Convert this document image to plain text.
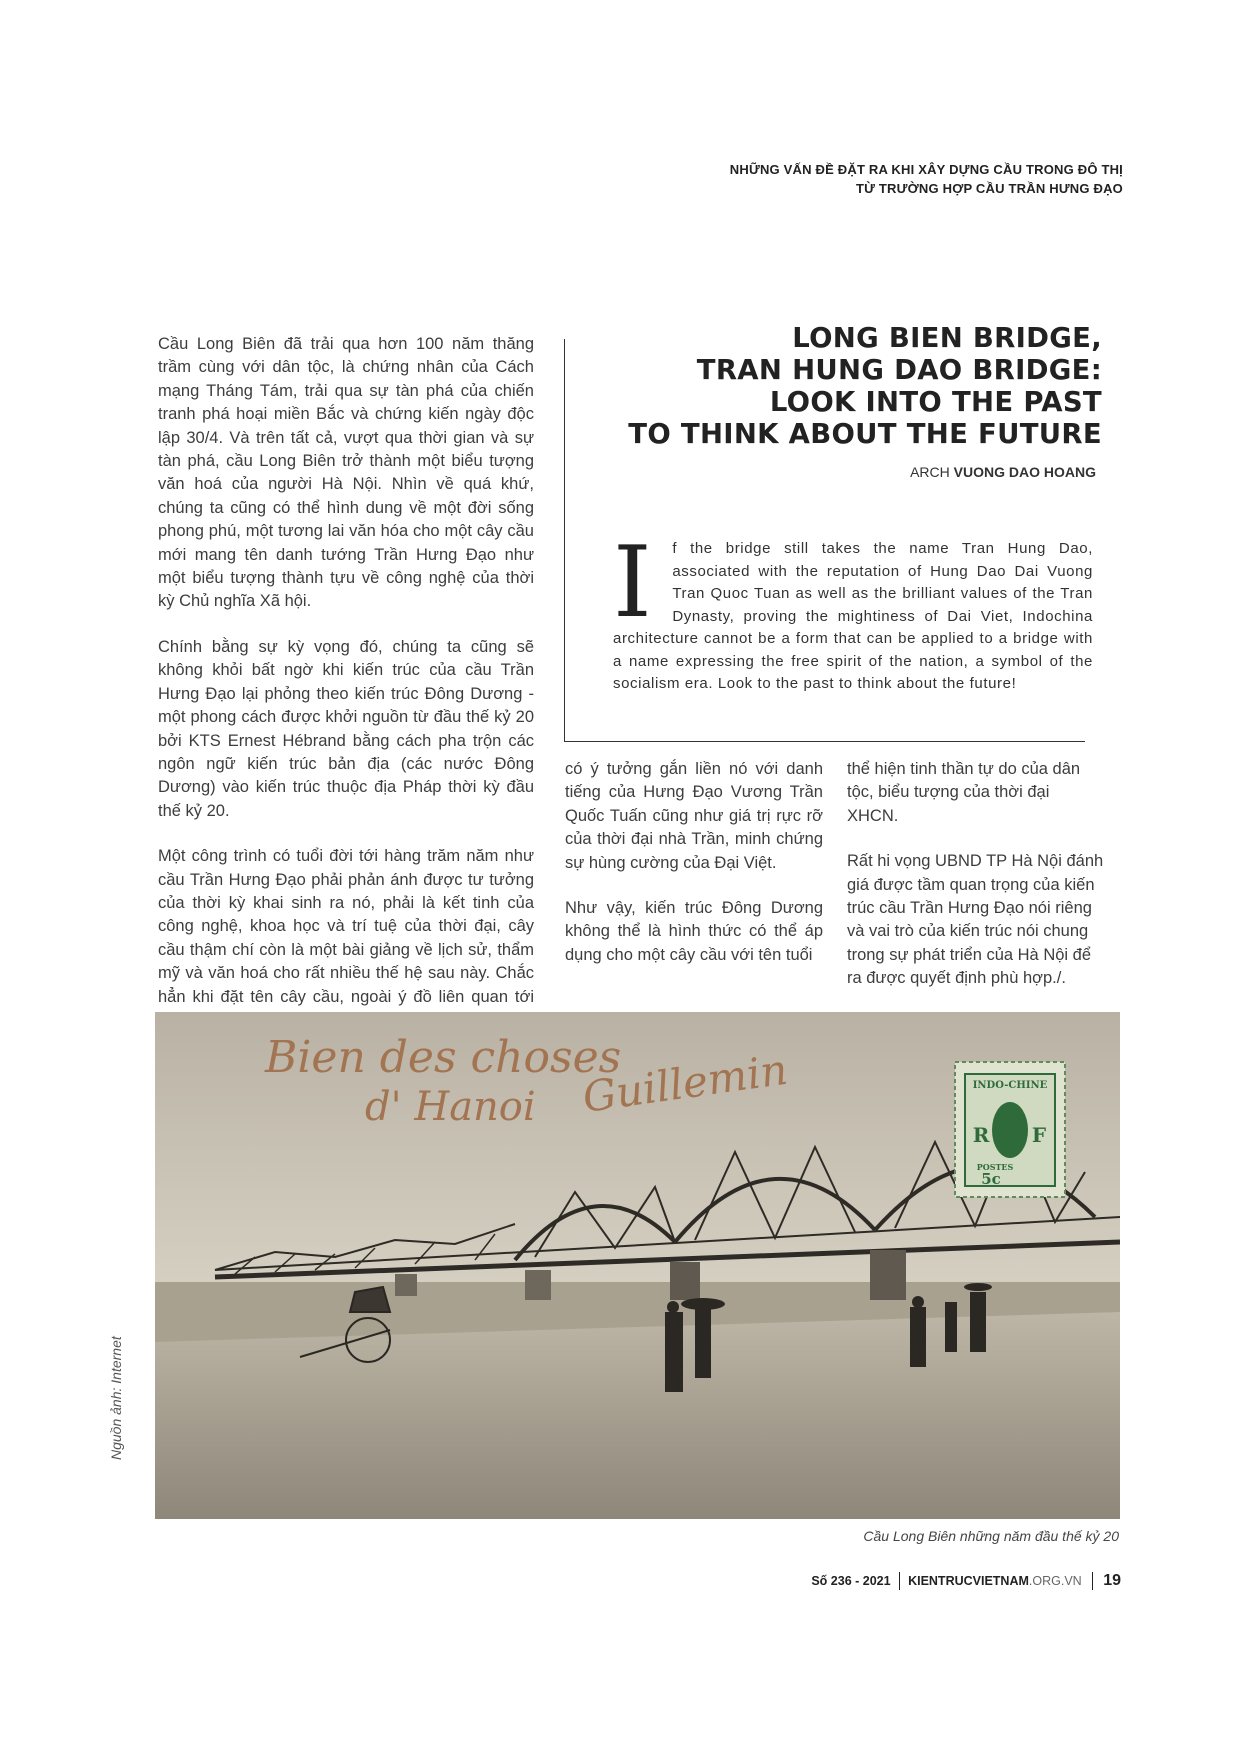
NHỮNG VẤN ĐỀ ĐẶT RA KHI XÂY DỰNG CẦU TRONG ĐÔ THỊ
TỪ TRƯỜNG HỢP CẦU TRẦN HƯNG ĐẠO

Cầu Long Biên đã trải qua hơn 100 năm thăng trầm cùng với dân tộc, là chứng nhân của Cách mạng Tháng Tám, trải qua sự tàn phá của chiến tranh phá hoại miền Bắc và chứng kiến ngày độc lập 30/4. Và trên tất cả, vượt qua thời gian và sự tàn phá, cầu Long Biên trở thành một biểu tượng văn hoá của người Hà Nội. Nhìn về quá khứ, chúng ta cũng có thể hình dung về một đời sống phong phú, một tương lai văn hóa cho một cây cầu mới mang tên danh tướng Trần Hưng Đạo như một biểu tượng thành tựu về công nghệ của thời kỳ Chủ nghĩa Xã hội.

Chính bằng sự kỳ vọng đó, chúng ta cũng sẽ không khỏi bất ngờ khi kiến trúc của cầu Trần Hưng Đạo lại phỏng theo kiến trúc Đông Dương - một phong cách được khởi nguồn từ đầu thế kỷ 20 bởi KTS Ernest Hébrand bằng cách pha trộn các ngôn ngữ kiến trúc bản địa (các nước Đông Dương) vào kiến trúc thuộc địa Pháp thời kỳ đầu thế kỷ 20.

Một công trình có tuổi đời tới hàng trăm năm như cầu Trần Hưng Đạo phải phản ánh được tư tưởng của thời kỳ khai sinh ra nó, phải là kết tinh của công nghệ, khoa học và trí tuệ của thời đại, cây cầu thậm chí còn là một bài giảng về lịch sử, thẩm mỹ và văn hoá cho rất nhiều thế hệ sau này. Chắc hẳn khi đặt tên cây cầu, ngoài ý đồ liên quan tới

LONG BIEN BRIDGE,
TRAN HUNG DAO BRIDGE:
LOOK INTO THE PAST
TO THINK ABOUT THE FUTURE
ARCH VUONG DAO HOANG
I f the bridge still takes the name Tran Hung Dao, associated with the reputation of Hung Dao Dai Vuong Tran Quoc Tuan as well as the brilliant values of the Tran Dynasty, proving the mightiness of Dai Viet, Indochina architecture cannot be a form that can be applied to a bridge with a name expressing the free spirit of the nation, a symbol of the socialism era. Look to the past to think about the future!

có ý tưởng gắn liền nó với danh tiếng của Hưng Đạo Vương Trần Quốc Tuấn cũng như giá trị rực rỡ của thời đại nhà Trần, minh chứng sự hùng cường của Đại Việt.

Như vậy, kiến trúc Đông Dương không thể là hình thức có thể áp dụng cho một cây cầu với tên tuổi

thể hiện tinh thần tự do của dân tộc, biểu tượng của thời đại XHCN.

Rất hi vọng UBND TP Hà Nội đánh giá được tầm quan trọng của kiến trúc cầu Trần Hưng Đạo nói riêng và vai trò của kiến trúc nói chung trong sự phát triển của Hà Nội để ra được quyết định phù hợp./.

Bien des choses
d' Hanoi Guillemin	INDO-CHINE
R F
POSTES
5c
Nguồn ảnh: Internet
Cầu Long Biên những năm đầu thế kỷ 20
Số 236 - 2021	KIENTRUCVIETNAM.ORG.VN	19
